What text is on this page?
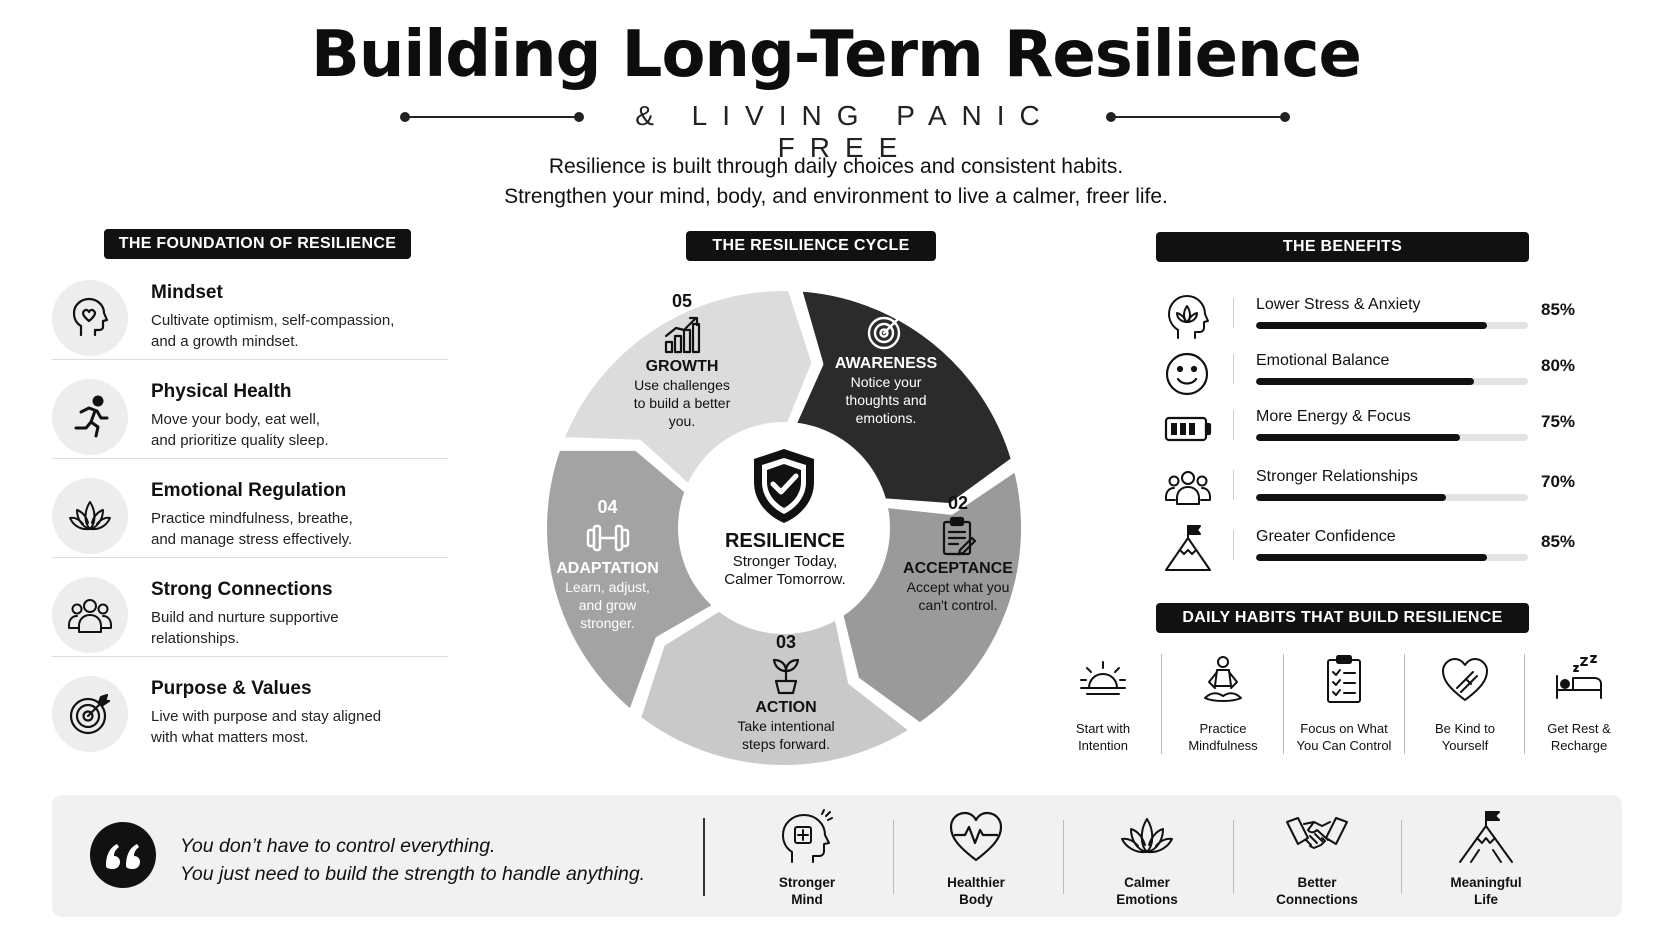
Building Long-Term Resilience
& LIVING PANIC FREE
Resilience is built through daily choices and consistent habits.
Strengthen your mind, body, and environment to live a calmer, freer life.
THE FOUNDATION OF RESILIENCE
Mindset
Cultivate optimism, self-compassion,
and a growth mindset.
Physical Health
Move your body, eat well,
and prioritize quality sleep.
Emotional Regulation
Practice mindfulness, breathe,
and manage stress effectively.
Strong Connections
Build and nurture supportive
relationships.
Purpose & Values
Live with purpose and stay aligned
with what matters most.
THE RESILIENCE CYCLE
01
AWARENESS
Notice your
thoughts and
emotions.
02
ACCEPTANCE
Accept what you
can't control.
03
ACTION
Take intentional
steps forward.
04
ADAPTATION
Learn, adjust,
and grow
stronger.
05
GROWTH
Use challenges
to build a better
you.
RESILIENCE
Stronger Today,
Calmer Tomorrow.
THE BENEFITS
Lower Stress & Anxiety	85%
Emotional Balance	80%
More Energy & Focus	75%
Stronger Relationships	70%
Greater Confidence	85%
DAILY HABITS THAT BUILD RESILIENCE
Start with
Intention
Practice
Mindfulness
Focus on What
You Can Control
Be Kind to
Yourself
Get Rest &
Recharge
You don’t have to control everything.
You just need to build the strength to handle anything.	Stronger
Mind
Healthier
Body
Calmer
Emotions
Better
Connections
Meaningful
Life
